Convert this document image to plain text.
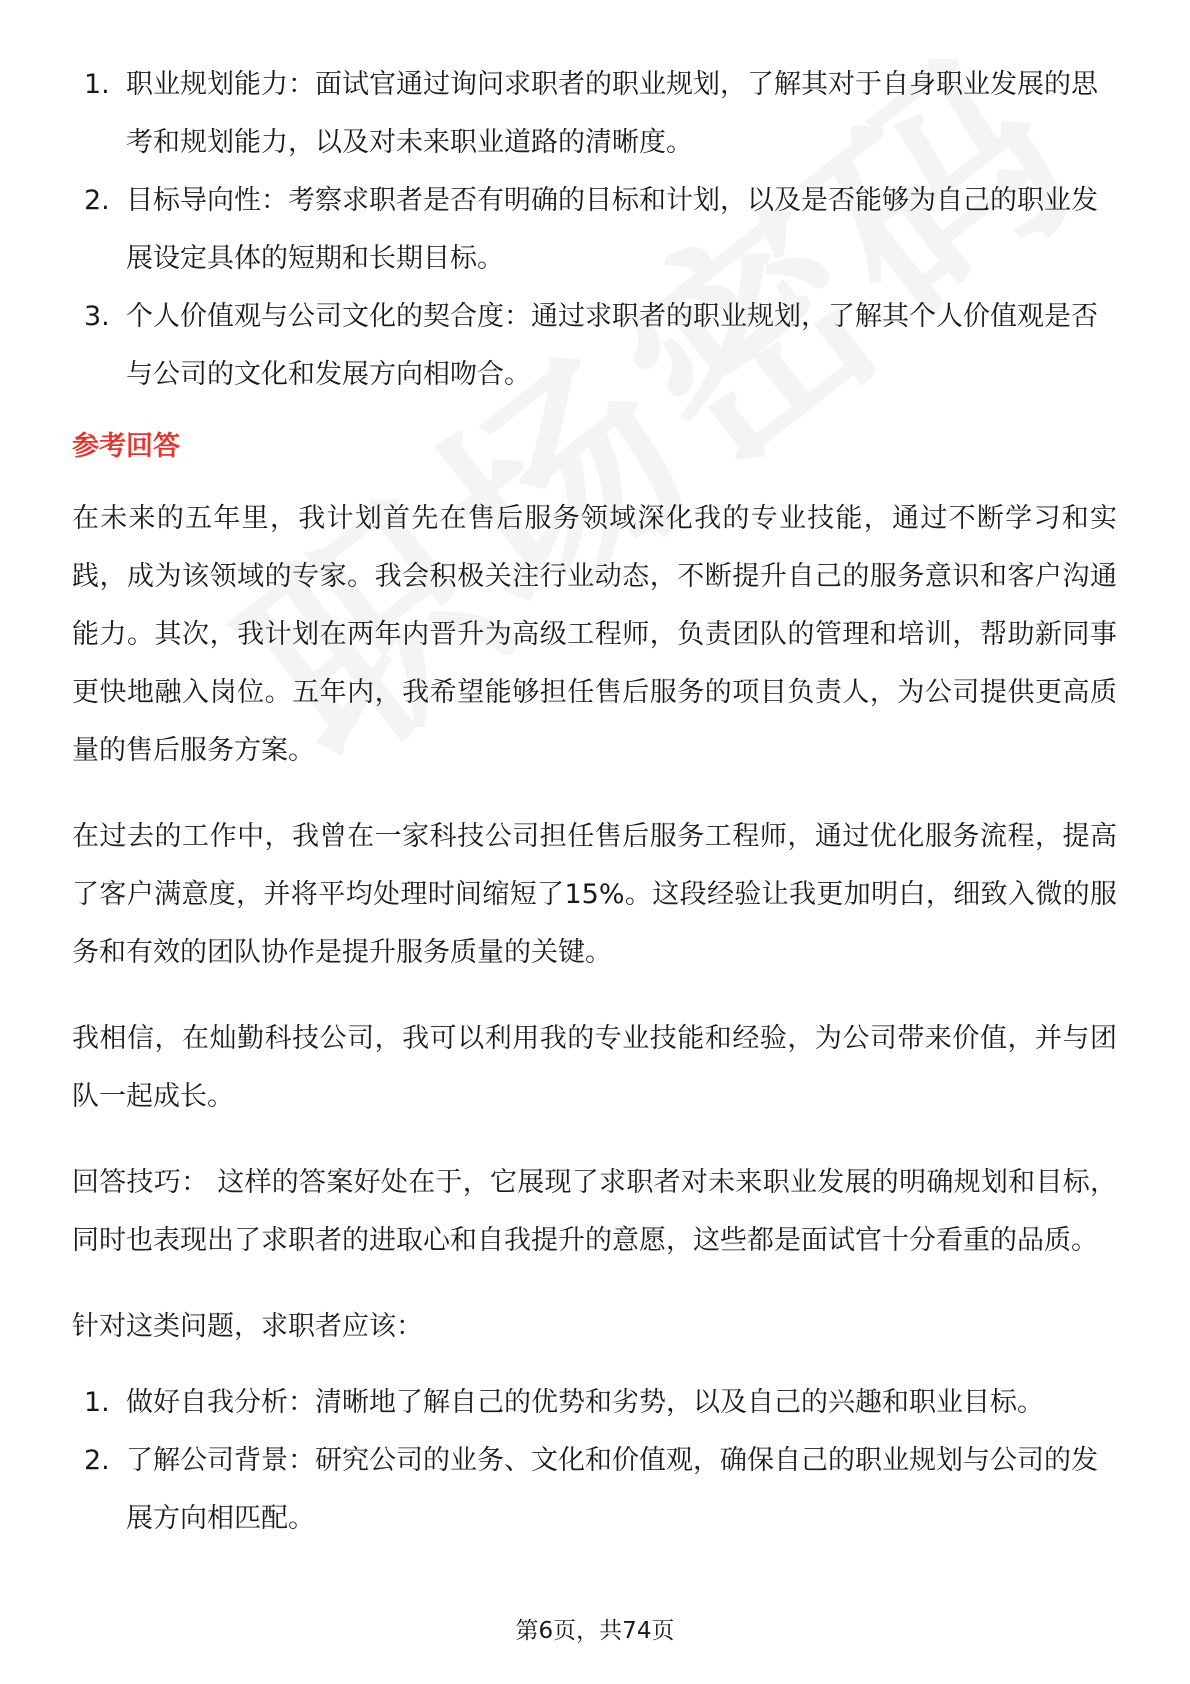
1. 职业规划能力：面试官通过询问求职者的职业规划，了解其对于自身职业发展的思考和规划能力，以及对未来职业道路的清晰度。
2. 目标导向性：考察求职者是否有明确的目标和计划，以及是否能够为自己的职业发展设定具体的短期和长期目标。
3. 个人价值观与公司文化的契合度：通过求职者的职业规划，了解其个人价值观是否与公司的文化和发展方向相吻合。
参考回答

在未来的五年里，我计划首先在售后服务领域深化我的专业技能，通过不断学习和实践，成为该领域的专家。我会积极关注行业动态，不断提升自己的服务意识和客户沟通能力。其次，我计划在两年内晋升为高级工程师，负责团队的管理和培训，帮助新同事更快地融入岗位。五年内，我希望能够担任售后服务的项目负责人，为公司提供更高质量的售后服务方案。

在过去的工作中，我曾在一家科技公司担任售后服务工程师，通过优化服务流程，提高了客户满意度，并将平均处理时间缩短了15%。这段经验让我更加明白，细致入微的服务和有效的团队协作是提升服务质量的关键。

我相信，在灿勤科技公司，我可以利用我的专业技能和经验，为公司带来价值，并与团队一起成长。

回答技巧： 这样的答案好处在于，它展现了求职者对未来职业发展的明确规划和目标，同时也表现出了求职者的进取心和自我提升的意愿，这些都是面试官十分看重的品质。

针对这类问题，求职者应该：

1. 做好自我分析：清晰地了解自己的优势和劣势，以及自己的兴趣和职业目标。
2. 了解公司背景：研究公司的业务、文化和价值观，确保自己的职业规划与公司的发展方向相匹配。
第6页，共74页
